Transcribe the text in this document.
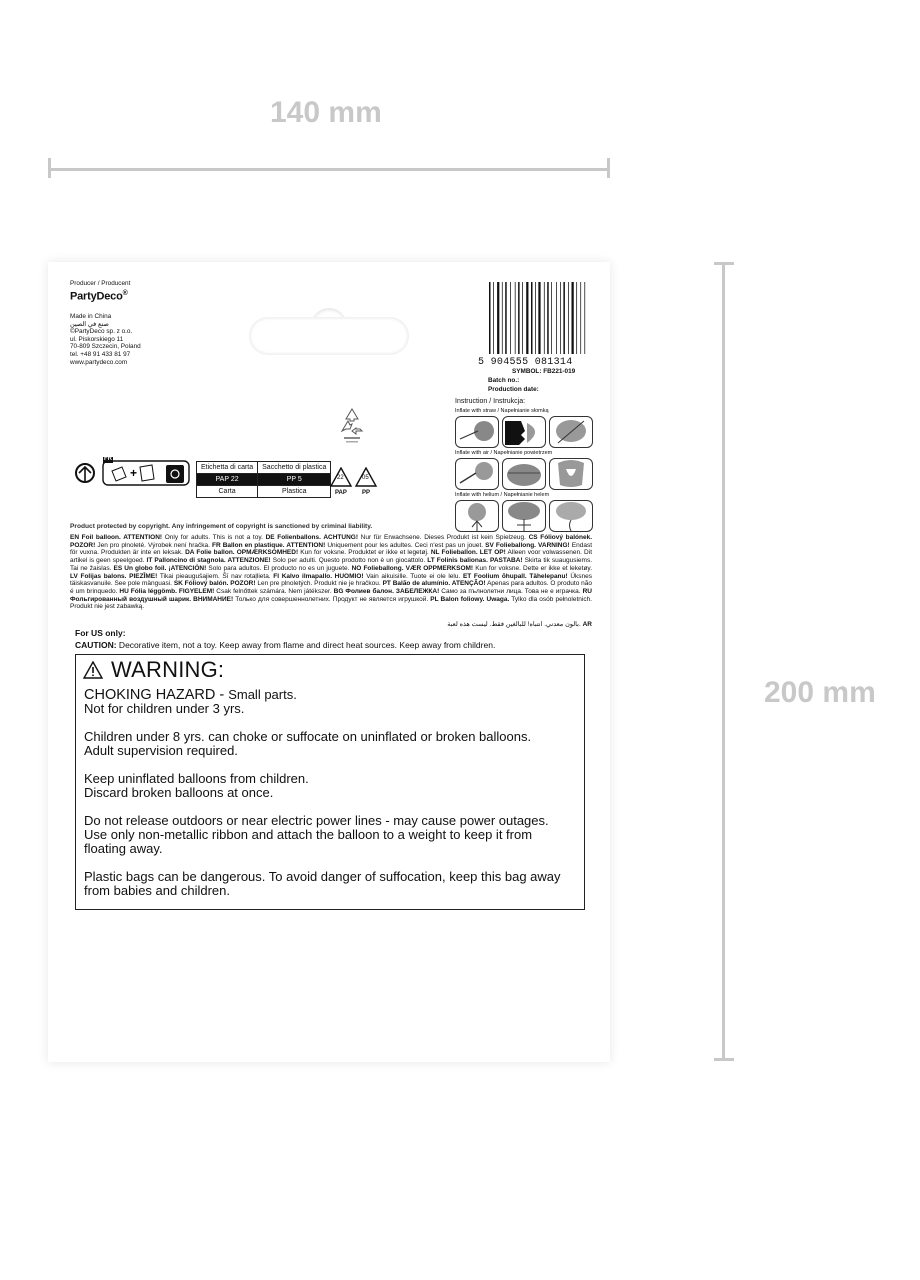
140 mm
200 mm
Producer / Producent
PartyDeco®
Made in China
صنع في الصين
©PartyDeco sp. z o.o.
ul. Piskorskiego 11
70-809 Szczecin, Poland
tel. +48 91 433 81 97
www.partydeco.com	5 904555 081314
SYMBOL: FB221-019
Batch no.:
Production date:
Instruction / Instrukcja:
Inflate with straw / Napełnianie słomką
Inflate with air / Napełnianie powietrzem
Inflate with helium / Napełnianie helem
+
FR
Etichetta di carta	Sacchetto di plastica
PAP 22	PP 5
Carta	Plastica
22	05
PAP	PP
Product protected by copyright. Any infringement of copyright is sanctioned by criminal liability.
EN Foil balloon. ATTENTION! Only for adults. This is not a toy. DE Folienballons. ACHTUNG! Nur für Erwachsene. Dieses Produkt ist kein Spielzeug. CS Fóliový balónek. POZOR! Jen pro plnoleté. Výrobek není hračka. FR Ballon en plastique. ATTENTION! Uniquement pour les adultes. Ceci n'est pas un jouet. SV Folieballong. VARNING! Endast för vuxna. Produkten är inte en leksak. DA Folie ballon. OPMÆRKSOMHED! Kun for voksne. Produktet er ikke et legetøj. NL Folieballon. LET OP! Alleen voor volwassenen. Dit artikel is geen speelgoed. IT Palloncino di stagnola. ATTENZIONE! Solo per adulti. Questo prodotto non è un giocattolo. LT Folinis balionas. PASTABA! Skirta tik suaugusiems. Tai ne žaislas. ES Un globo foil. ¡ATENCIÓN! Solo para adultos. El producto no es un juguete. NO Folieballong. VÆR OPPMERKSOM! Kun for voksne. Dette er ikke et leketøy. LV Folijas balons. PIEZĪME! Tikai pieaugušajiem. Šī nav rotaļlieta. FI Kalvo ilmapallo. HUOMIO! Vain aikuisille. Tuote ei ole lelu. ET Foolium õhupall. Tähelepanu! Üksnes täiskasvanuile. See pole mänguasi. SK Fóliový balón. POZOR! Len pre plnoletých. Produkt nie je hračkou. PT Balão de alumínio. ATENÇÃO! Apenas para adultos. O produto não é um brinquedo. HU Fólia léggömb. FIGYELEM! Csak felnőttek számára. Nem játékszer. BG Фолиев балон. ЗАБЕЛЕЖКА! Само за пълнолетни лица. Това не е играчка. RU Фольгированный воздушный шарик. ВНИМАНИЕ! Только для совершеннолетних. Продукт не является игрушкой. PL Balon foliowy. Uwaga. Tylko dla osób pełnoletnich. Produkt nie jest zabawką.
بالون معدني. انتباه! للبالغين فقط. ليست هذه لعبة. AR
For US only:
CAUTION: Decorative item, not a toy. Keep away from flame and direct heat sources. Keep away from children.
WARNING:

CHOKING HAZARD - Small parts.
Not for children under 3 yrs.

Children under 8 yrs. can choke or suffocate on uninflated or broken balloons.
Adult supervision required.

Keep uninflated balloons from children.
Discard broken balloons at once.

Do not release outdoors or near electric power lines - may cause power outages.
Use only non-metallic ribbon and attach the balloon to a weight to keep it from floating away.

Plastic bags can be dangerous. To avoid danger of suffocation, keep this bag away from babies and children.
